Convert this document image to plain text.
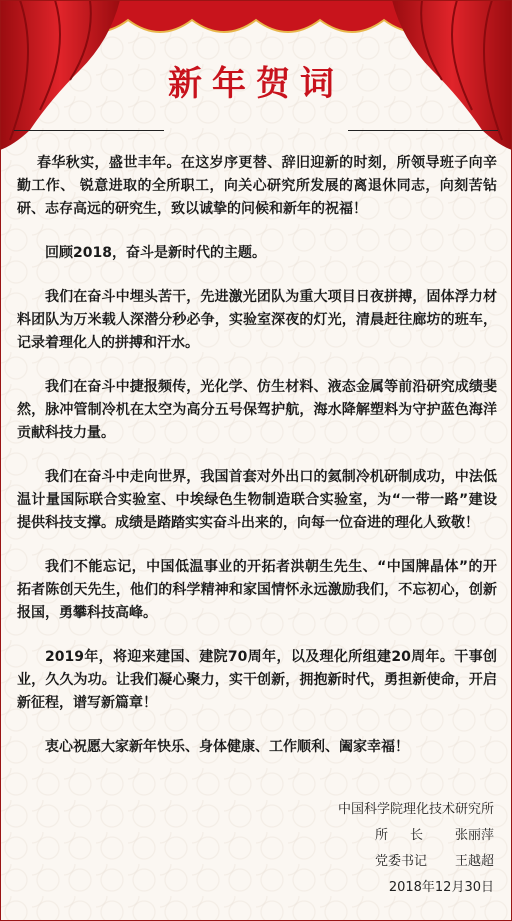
新年贺词

春华秋实，盛世丰年。在这岁序更替、辞旧迎新的时刻，所领导班子向辛勤工作、 锐意进取的全所职工，向关心研究所发展的离退休同志，向刻苦钻研、志存高远的研究生，致以诚挚的问候和新年的祝福！

回顾2018，奋斗是新时代的主题。

我们在奋斗中埋头苦干，先进激光团队为重大项目日夜拼搏，固体浮力材料团队为万米载人深潜分秒必争，实验室深夜的灯光，清晨赶往廊坊的班车，记录着理化人的拼搏和汗水。

我们在奋斗中捷报频传，光化学、仿生材料、液态金属等前沿研究成绩斐然，脉冲管制冷机在太空为高分五号保驾护航，海水降解塑料为守护蓝色海洋贡献科技力量。

我们在奋斗中走向世界，我国首套对外出口的氦制冷机研制成功，中法低温计量国际联合实验室、中埃绿色生物制造联合实验室，为“一带一路”建设提供科技支撑。成绩是踏踏实实奋斗出来的，向每一位奋进的理化人致敬！

我们不能忘记，中国低温事业的开拓者洪朝生先生、“中国牌晶体”的开拓者陈创天先生，他们的科学精神和家国情怀永远激励我们，不忘初心，创新报国，勇攀科技高峰。

2019年，将迎来建国、建院70周年，以及理化所组建20周年。干事创业，久久为功。让我们凝心聚力，实干创新，拥抱新时代，勇担新使命，开启新征程，谱写新篇章！

衷心祝愿大家新年快乐、身体健康、工作顺利、阖家幸福！

中国科学院理化技术研究所
所长 张丽萍
党委书记	王越超
2018年12月30日
